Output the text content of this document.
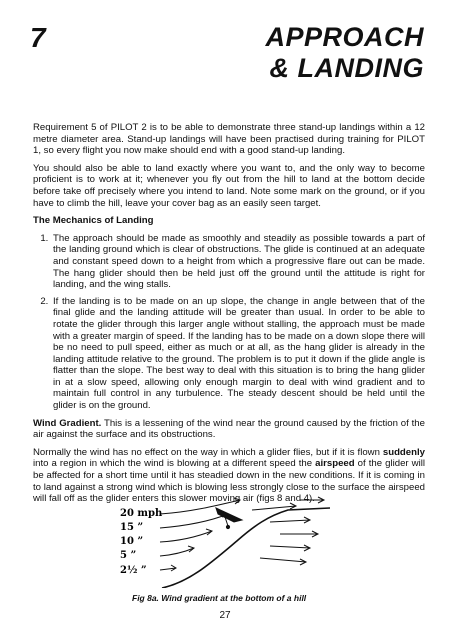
7	APPROACH
& LANDING

Requirement 5 of PILOT 2 is to be able to demonstrate three stand-up landings within a 12 metre diameter area. Stand-up landings will have been practised during training for PILOT 1, so every flight you now make should end with a good stand-up landing.

You should also be able to land exactly where you want to, and the only way to become proficient is to work at it; whenever you fly out from the hill to land at the bottom decide before take off precisely where you intend to land. Note some mark on the ground, or if you have to climb the hill, leave your cover bag as an easily seen target.

The Mechanics of Landing
1. The approach should be made as smoothly and steadily as possible towards a part of the landing ground which is clear of obstructions. The glide is continued at an adequate and constant speed down to a height from which a progressive flare out can be made. The hang glider should then be held just off the ground until the attitude is right for landing, and the wing stalls.
2. If the landing is to be made on an up slope, the change in angle between that of the final glide and the landing attitude will be greater than usual. In order to be able to rotate the glider through this larger angle without stalling, the approach must be made with a greater margin of speed. If the landing has to be made on a down slope there will be no need to pull speed, either as much or at all, as the hang glider is already in the landing attitude relative to the ground. The problem is to put it down if the glide angle is flatter than the slope. The best way to deal with this situation is to bring the hang glider in at a slow speed, allowing only enough margin to deal with wind gradient and to maintain full control in any turbulence. The steady descent should be held until the glider is on the ground.

Wind Gradient. This is a lessening of the wind near the ground caused by the friction of the air against the surface and its obstructions.

Normally the wind has no effect on the way in which a glider flies, but if it is flown suddenly into a region in which the wind is blowing at a different speed the airspeed of the glider will be affected for a short time until it has steadied down in the new conditions. If it is coming in to land against a strong wind which is blowing less strongly close to the surface the airspeed will fall off as the glider enters this slower moving air (figs 8 and 4).

20 mph
15 ”
10 ”
5 ”
2½ ”
Fig 8a. Wind gradient at the bottom of a hill
27
